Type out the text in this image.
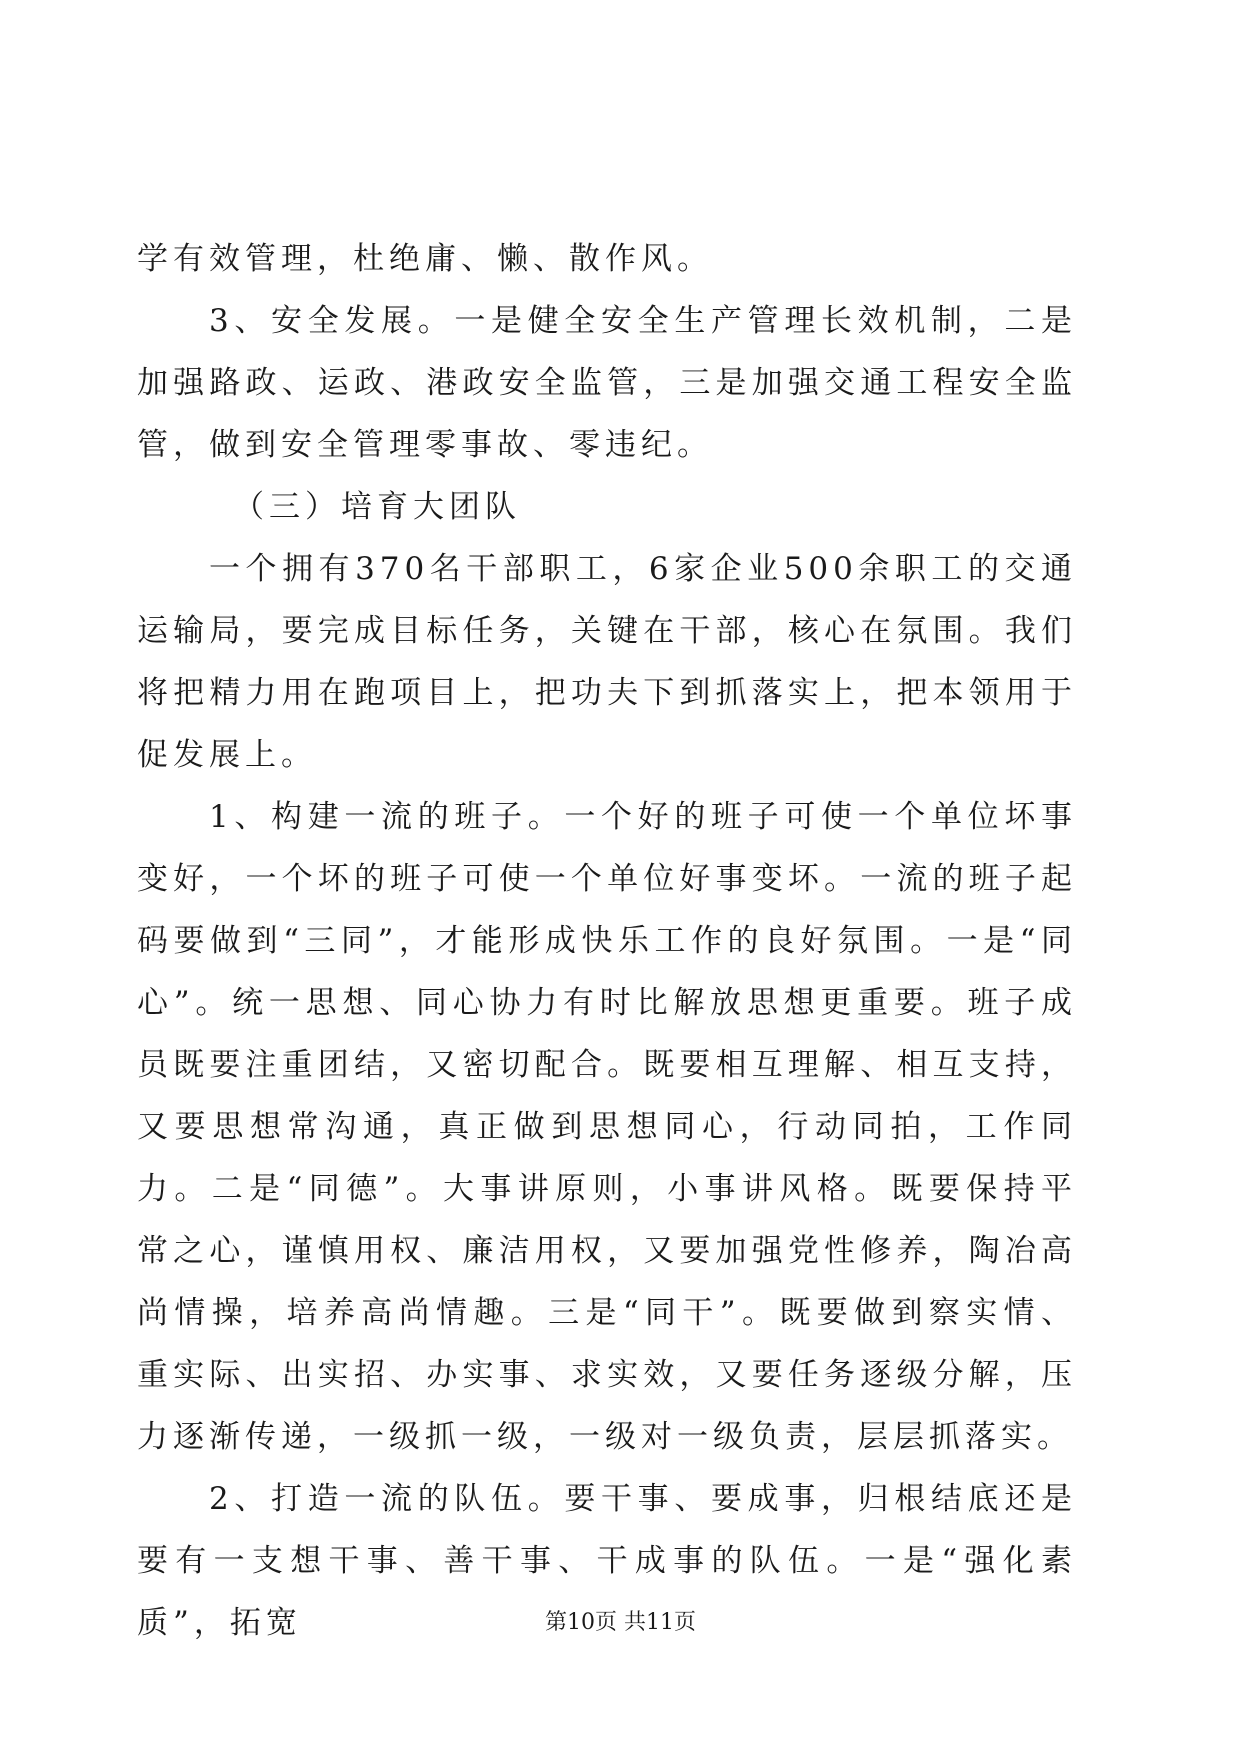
学有效管理，杜绝庸、懒、散作风。

3、安全发展。一是健全安全生产管理长效机制，二是加强路政、运政、港政安全监管，三是加强交通工程安全监管，做到安全管理零事故、零违纪。

（三）培育大团队

一个拥有370名干部职工，6家企业500余职工的交通运输局，要完成目标任务，关键在干部，核心在氛围。我们将把精力用在跑项目上，把功夫下到抓落实上，把本领用于促发展上。

1、构建一流的班子。一个好的班子可使一个单位坏事变好，一个坏的班子可使一个单位好事变坏。一流的班子起码要做到“三同”，才能形成快乐工作的良好氛围。一是“同心”。统一思想、同心协力有时比解放思想更重要。班子成员既要注重团结，又密切配合。既要相互理解、相互支持，又要思想常沟通，真正做到思想同心，行动同拍，工作同力。二是“同德”。大事讲原则，小事讲风格。既要保持平常之心，谨慎用权、廉洁用权，又要加强党性修养，陶冶高尚情操，培养高尚情趣。三是“同干”。既要做到察实情、重实际、出实招、办实事、求实效，又要任务逐级分解，压力逐渐传递，一级抓一级，一级对一级负责，层层抓落实。

2、打造一流的队伍。要干事、要成事，归根结底还是要有一支想干事、善干事、干成事的队伍。一是“强化素质”，拓宽	第10页 共11页
